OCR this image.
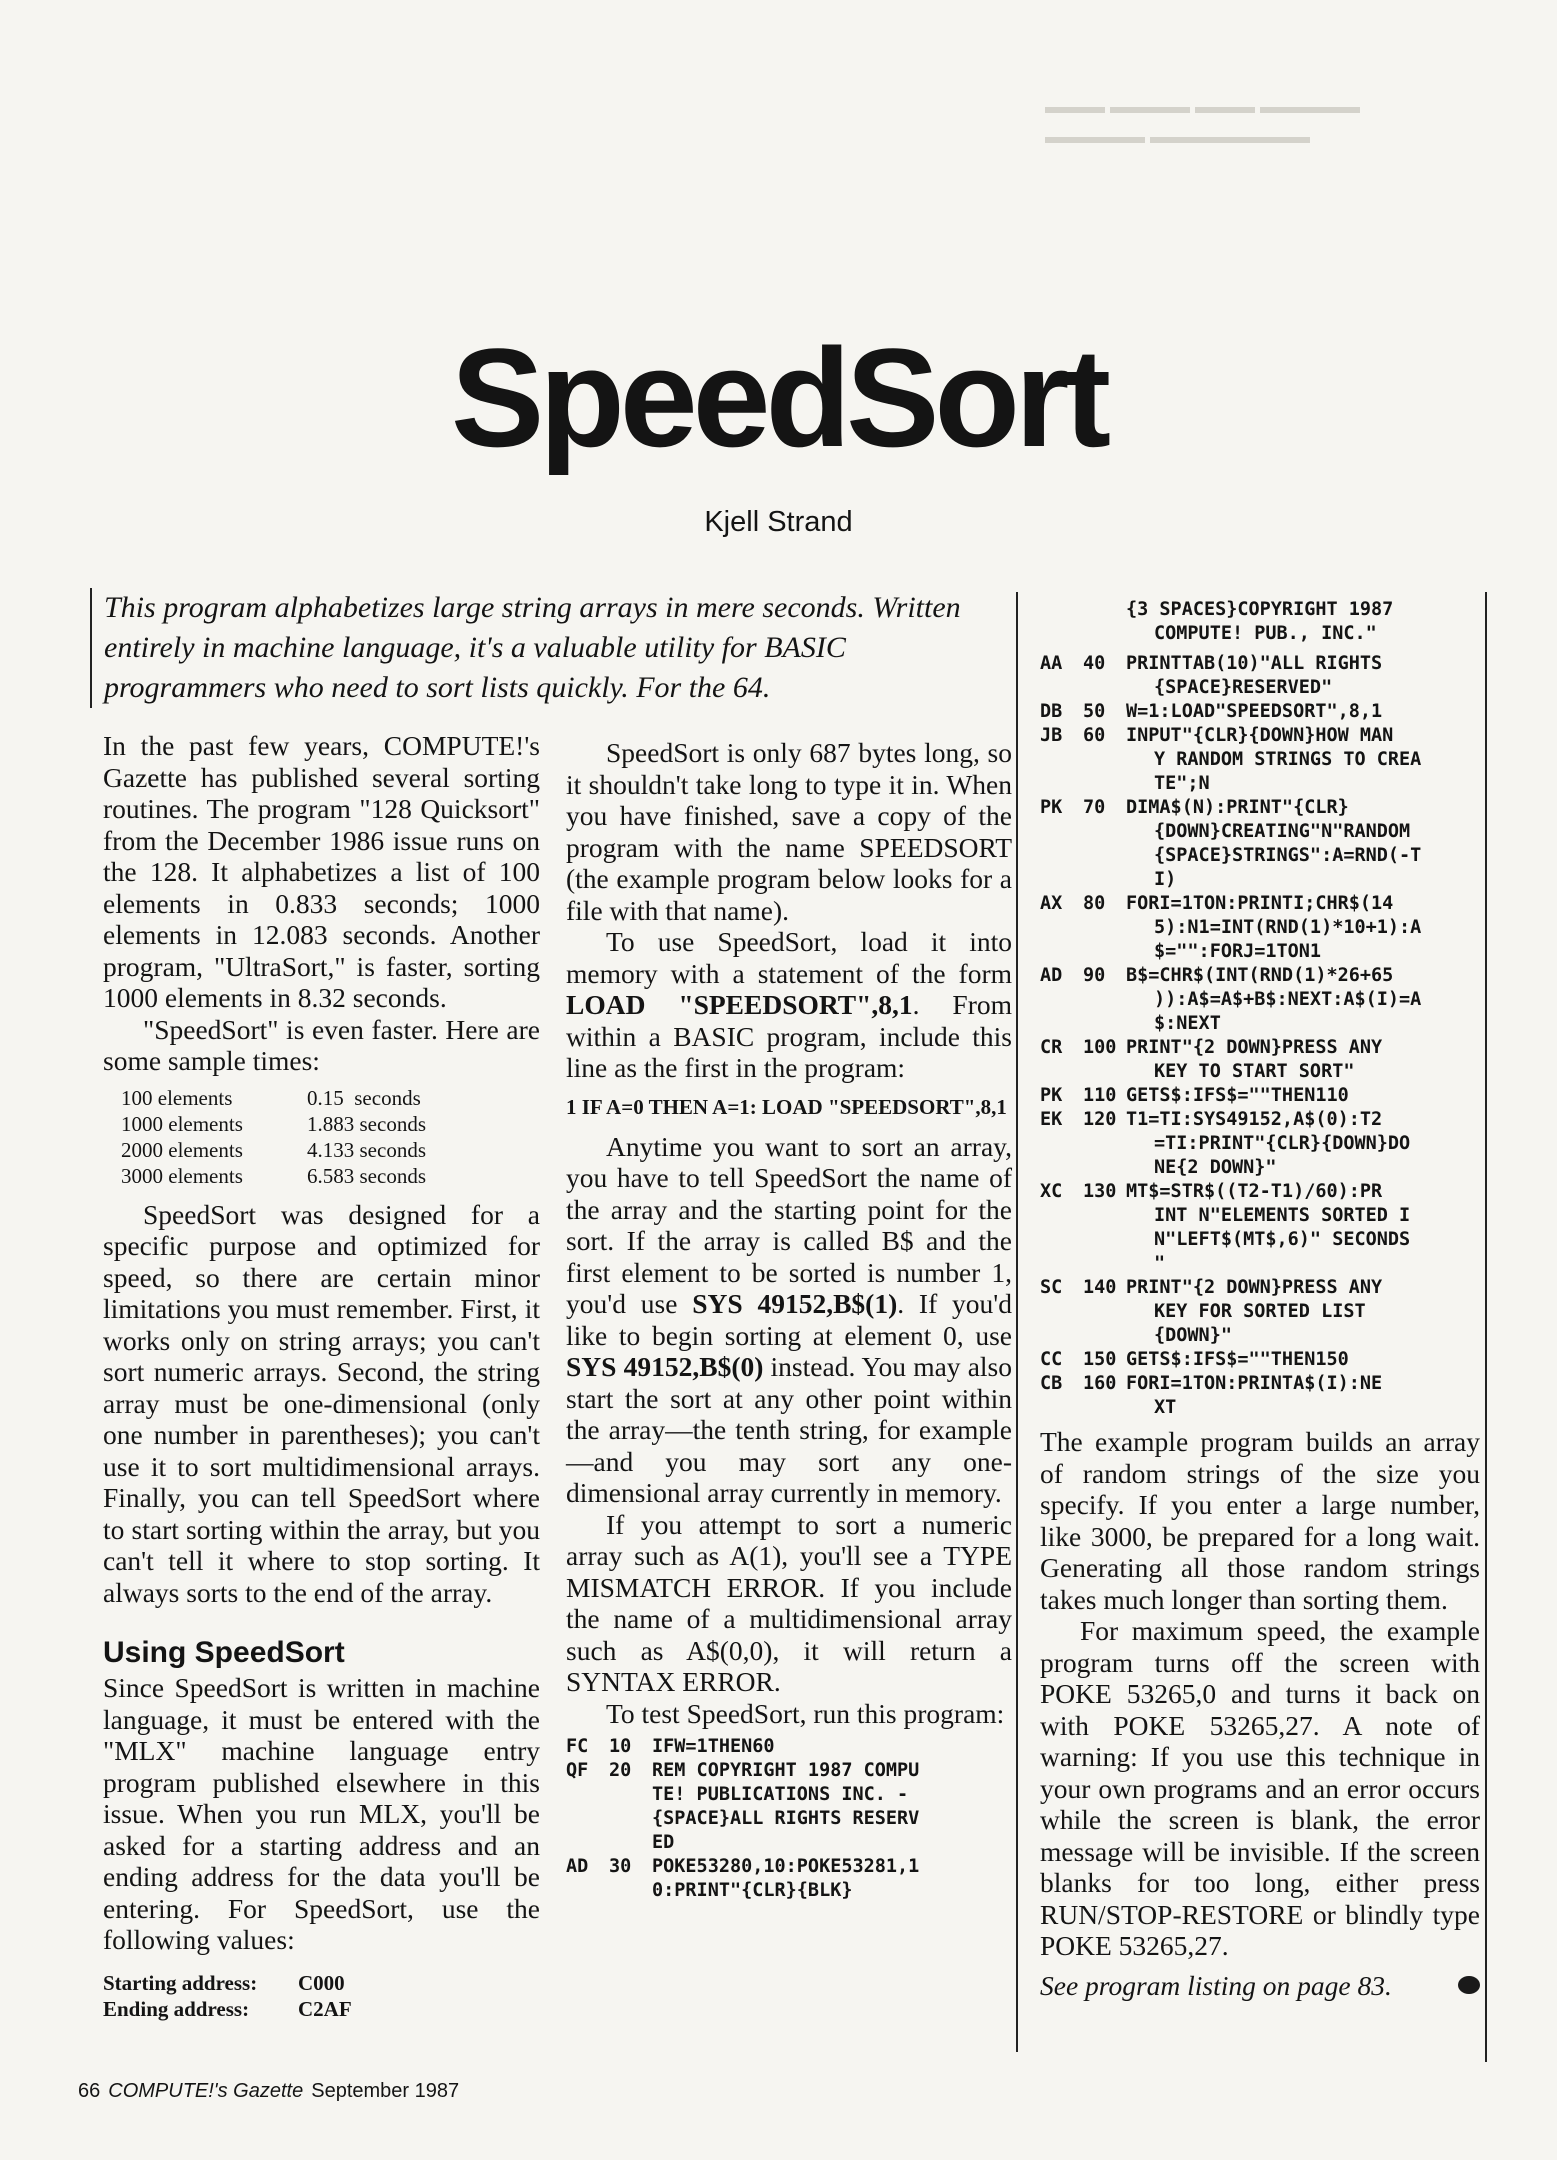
▬▬▬ ▬▬▬▬ ▬▬▬ ▬▬▬▬▬
▬▬▬▬▬ ▬▬▬▬▬▬▬▬
SpeedSort
Kjell Strand
This program alphabetizes large string arrays in mere seconds. Written entirely in machine language, it's a valuable utility for BASIC programmers who need to sort lists quickly. For the 64.

In the past few years, COMPUTE!'s Gazette has published several sorting routines. The program "128 Quicksort" from the December 1986 issue runs on the 128. It alphabetizes a list of 100 elements in 0.833 seconds; 1000 elements in 12.083 seconds. Another program, "UltraSort," is faster, sorting 1000 elements in 8.32 seconds.

"SpeedSort" is even faster. Here are some sample times:

100 elements	0.15  seconds
1000 elements	1.883 seconds
2000 elements	4.133 seconds
3000 elements	6.583 seconds

SpeedSort was designed for a specific purpose and optimized for speed, so there are certain minor limitations you must remember. First, it works only on string arrays; you can't sort numeric arrays. Second, the string array must be one-dimensional (only one number in parentheses); you can't use it to sort multidimensional arrays. Finally, you can tell SpeedSort where to start sorting within the array, but you can't tell it where to stop sorting. It always sorts to the end of the array.

Using SpeedSort

Since SpeedSort is written in machine language, it must be entered with the "MLX" machine language entry program published elsewhere in this issue. When you run MLX, you'll be asked for a starting address and an ending address for the data you'll be entering. For SpeedSort, use the following values:

Starting address:	C000
Ending address:	C2AF

SpeedSort is only 687 bytes long, so it shouldn't take long to type it in. When you have finished, save a copy of the program with the name SPEEDSORT (the example program below looks for a file with that name).

To use SpeedSort, load it into memory with a statement of the form LOAD "SPEEDSORT",8,1. From within a BASIC program, include this line as the first in the program:

1 IF A=0 THEN A=1: LOAD "SPEEDSORT",8,1

Anytime you want to sort an array, you have to tell SpeedSort the name of the array and the starting point for the sort. If the array is called B$ and the first element to be sorted is number 1, you'd use SYS 49152,B$(1). If you'd like to begin sorting at element 0, use SYS 49152,B$(0) instead. You may also start the sort at any other point within the array—the tenth string, for example—and you may sort any one-dimensional array currently in memory.

If you attempt to sort a numeric array such as A(1), you'll see a TYPE MISMATCH ERROR. If you include the name of a multidimensional array such as A$(0,0), it will return a SYNTAX ERROR.

To test SpeedSort, run this program:

FC	10	IFW=1THEN60
QF	20	REM COPYRIGHT 1987 COMPU
TE! PUBLICATIONS INC. -
{SPACE}ALL RIGHTS RESERV
ED
AD	30	POKE53280,10:POKE53281,1
0:PRINT"{CLR}{BLK}
{3 SPACES}COPYRIGHT 1987
COMPUTE! PUB., INC."
AA	40	PRINTTAB(10)"ALL RIGHTS
{SPACE}RESERVED"
DB	50	W=1:LOAD"SPEEDSORT",8,1
JB	60	INPUT"{CLR}{DOWN}HOW MAN
Y RANDOM STRINGS TO CREA
TE";N
PK	70	DIMA$(N):PRINT"{CLR}
{DOWN}CREATING"N"RANDOM
{SPACE}STRINGS":A=RND(-T
I)
AX	80	FORI=1TON:PRINTI;CHR$(14
5):N1=INT(RND(1)*10+1):A
$="":FORJ=1TON1
AD	90	B$=CHR$(INT(RND(1)*26+65
)):A$=A$+B$:NEXT:A$(I)=A
$:NEXT
CR	100 PRINT"{2 DOWN}PRESS ANY
KEY TO START SORT"
PK	110 GETS$:IFS$=""THEN110
EK	120 T1=TI:SYS49152,A$(0):T2
=TI:PRINT"{CLR}{DOWN}DO
NE{2 DOWN}"
XC	130 MT$=STR$((T2-T1)/60):PR
INT N"ELEMENTS SORTED I
N"LEFT$(MT$,6)" SECONDS
"
SC	140 PRINT"{2 DOWN}PRESS ANY
KEY FOR SORTED LIST
{DOWN}"
CC	150 GETS$:IFS$=""THEN150
CB	160 FORI=1TON:PRINTA$(I):NE
XT

The example program builds an array of random strings of the size you specify. If you enter a large number, like 3000, be prepared for a long wait. Generating all those random strings takes much longer than sorting them.

For maximum speed, the example program turns off the screen with POKE 53265,0 and turns it back on with POKE 53265,27. A note of warning: If you use this technique in your own programs and an error occurs while the screen is blank, the error message will be invisible. If the screen blanks for too long, either press RUN/STOP-RESTORE or blindly type POKE 53265,27.

See program listing on page 83.
66 COMPUTE!'s Gazette September 1987
